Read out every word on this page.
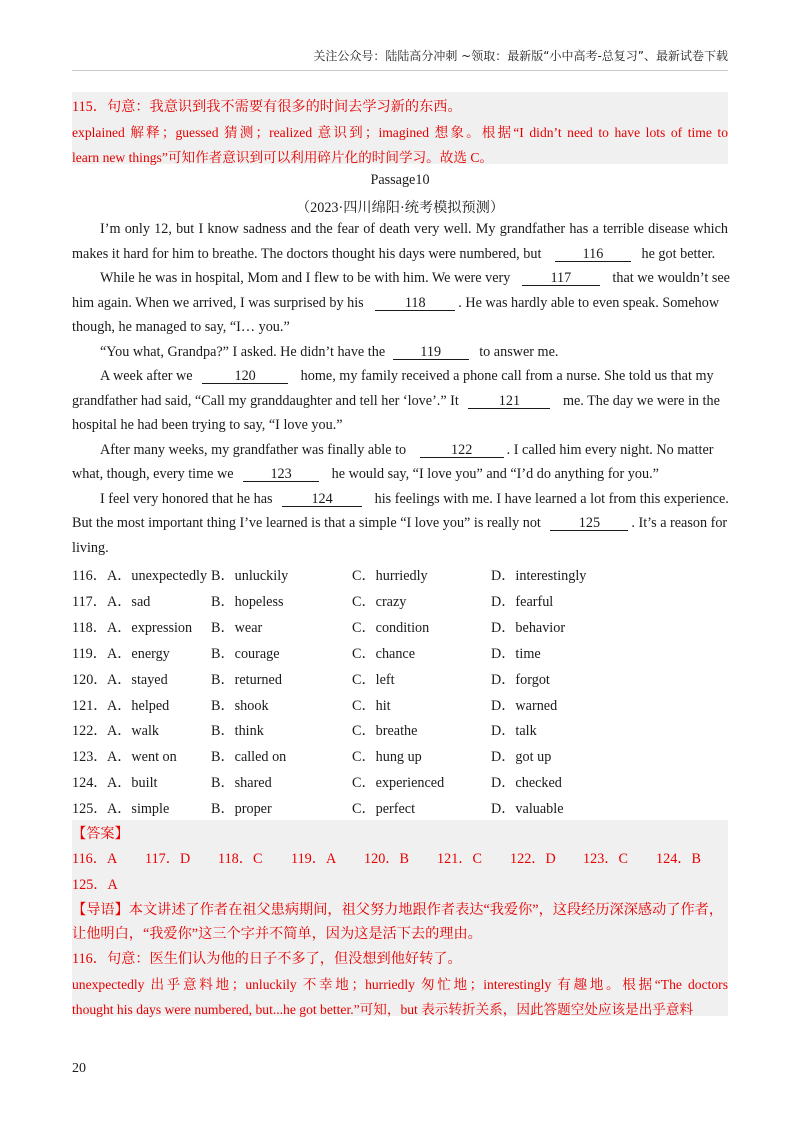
关注公众号：陆陆高分冲刺 ~领取：最新版“小中高考-总复习”、最新试卷下载
115．句意：我意识到我不需要有很多的时间去学习新的东西。
explained 解释；guessed 猜测；realized 意识到；imagined 想象。根据“I didn’t need to have lots of time to
learn new things”可知作者意识到可以利用碎片化的时间学习。故选 C。
Passage10
（2023·四川绵阳·统考模拟预测）
I’m only 12, but I know sadness and the fear of death very well. My grandfather has a terrible disease which
makes it hard for him to breathe. The doctors thought his days were numbered, but	116	he got better.
While he was in hospital, Mom and I flew to be with him. We were very	117	that we wouldn’t see
him again. When we arrived, I was surprised by his	118 . He was hardly able to even speak. Somehow
though, he managed to say, “I… you.”
“You what, Grandpa?” I asked. He didn’t have the 119	to answer me.
A week after we	120	home, my family received a phone call from a nurse. She told us that my
grandfather had said, “Call my granddaughter and tell her ‘love’.” It	121	me. The day we were in the
hospital he had been trying to say, “I love you.”
After many weeks, my grandfather was finally able to	122 . I called him every night. No matter
what, though, every time we	123	he would say, “I love you” and “I’d do anything for you.”
I feel very honored that he has	124	his feelings with me. I have learned a lot from this experience.
But the most important thing I’ve learned is that a simple “I love you” is really not	125 . It’s a reason for
living.
116． A．unexpectedly B．unluckily	C．hurriedly	D．interestingly
117． A．sad	B．hopeless	C．crazy	D．fearful
118． A．expression B．wear	C．condition	D．behavior
119． A．energy	B．courage	C．chance	D．time
120． A．stayed	B．returned	C．left	D．forgot
121． A．helped	B．shook	C．hit	D．warned
122． A．walk	B．think	C．breathe	D．talk
123． A．went on B．called on	C．hung up	D．got up
124． A．built	B．shared	C．experienced	D．checked
125． A．simple	B．proper	C．perfect	D．valuable
【答案】
116．A 117．D 118．C 119．A 120．B 121．C 122．D 123．C 124．B
125．A
【导语】本文讲述了作者在祖父患病期间，祖父努力地跟作者表达“我爱你”，这段经历深深感动了作者，
让他明白，“我爱你”这三个字并不简单，因为这是活下去的理由。
116．句意：医生们认为他的日子不多了，但没想到他好转了。
unexpectedly 出乎意料地；unluckily 不幸地；hurriedly 匆忙地；interestingly 有趣地。根据“The doctors
thought his days were numbered, but...he got better.”可知，but 表示转折关系，因此答题空处应该是出乎意料
20
